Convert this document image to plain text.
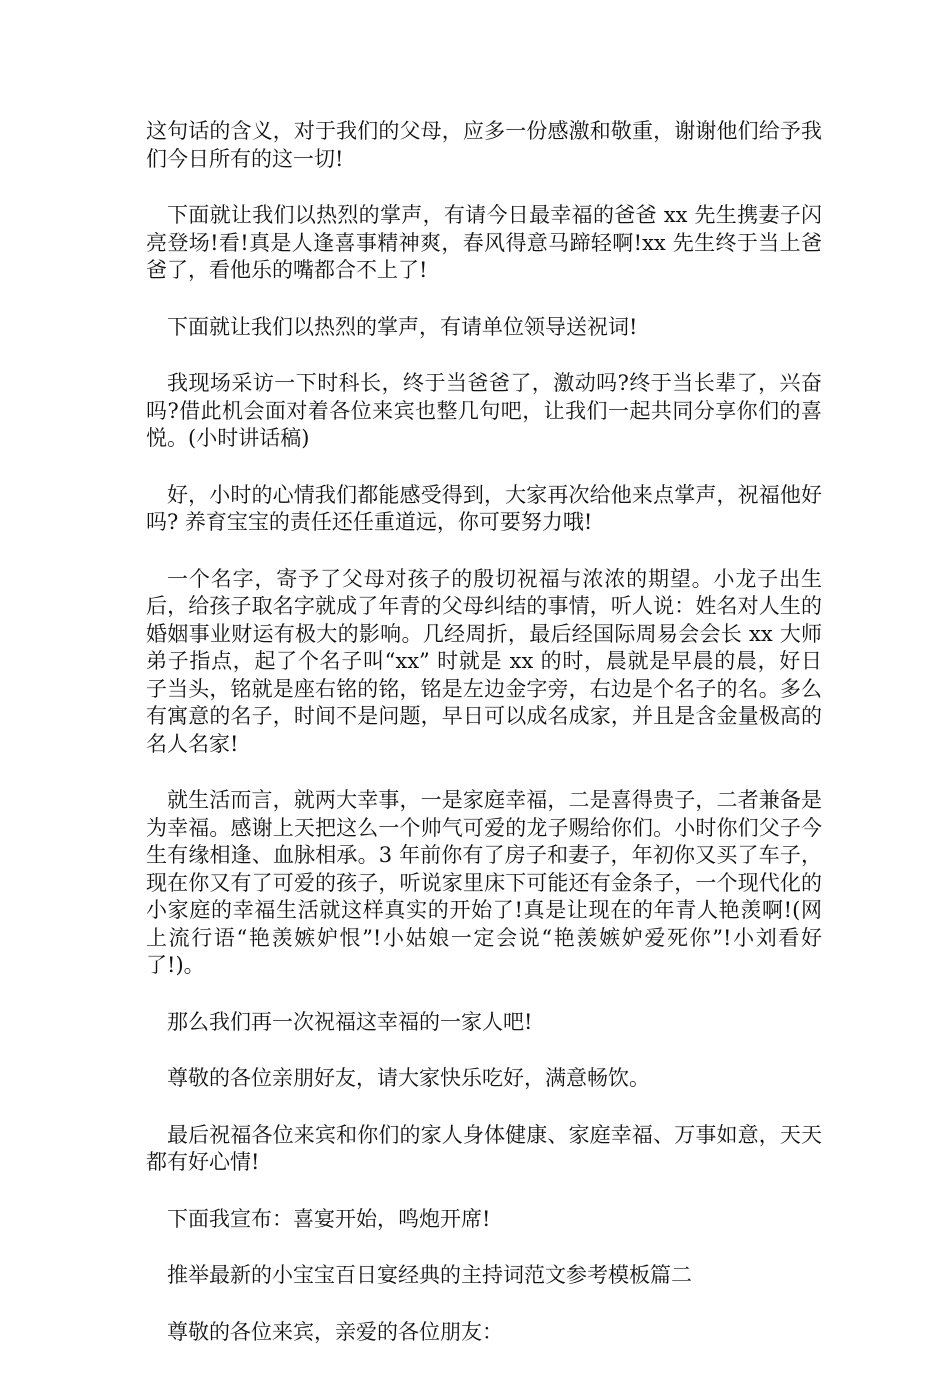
这句话的含义，对于我们的父母，应多一份感激和敬重，谢谢他们给予我们今日所有的这一切!

下面就让我们以热烈的掌声，有请今日最幸福的爸爸 xx 先生携妻子闪亮登场!看!真是人逢喜事精神爽，春风得意马蹄轻啊!xx 先生终于当上爸爸了，看他乐的嘴都合不上了!

下面就让我们以热烈的掌声，有请单位领导送祝词!

我现场采访一下时科长，终于当爸爸了，激动吗?终于当长辈了，兴奋吗?借此机会面对着各位来宾也整几句吧，让我们一起共同分享你们的喜悦。(小时讲话稿)

好，小时的心情我们都能感受得到，大家再次给他来点掌声，祝福他好吗? 养育宝宝的责任还任重道远，你可要努力哦!

一个名字，寄予了父母对孩子的殷切祝福与浓浓的期望。小龙子出生后，给孩子取名字就成了年青的父母纠结的事情，听人说：姓名对人生的婚姻事业财运有极大的影响。几经周折，最后经国际周易会会长 xx 大师弟子指点，起了个名子叫“xx” 时就是 xx 的时，晨就是早晨的晨，好日子当头，铭就是座右铭的铭，铭是左边金字旁，右边是个名子的名。多么有寓意的名子，时间不是问题，早日可以成名成家，并且是含金量极高的名人名家!

就生活而言，就两大幸事，一是家庭幸福，二是喜得贵子，二者兼备是为幸福。感谢上天把这么一个帅气可爱的龙子赐给你们。小时你们父子今生有缘相逢、血脉相承。3 年前你有了房子和妻子，年初你又买了车子，现在你又有了可爱的孩子，听说家里床下可能还有金条子，一个现代化的小家庭的幸福生活就这样真实的开始了!真是让现在的年青人艳羡啊!(网上流行语“艳羡嫉妒恨”!小姑娘一定会说“艳羡嫉妒爱死你”!小刘看好了!)。

那么我们再一次祝福这幸福的一家人吧!

尊敬的各位亲朋好友，请大家快乐吃好，满意畅饮。

最后祝福各位来宾和你们的家人身体健康、家庭幸福、万事如意，天天都有好心情!

下面我宣布：喜宴开始，鸣炮开席!

推举最新的小宝宝百日宴经典的主持词范文参考模板篇二

尊敬的各位来宾，亲爱的各位朋友：
